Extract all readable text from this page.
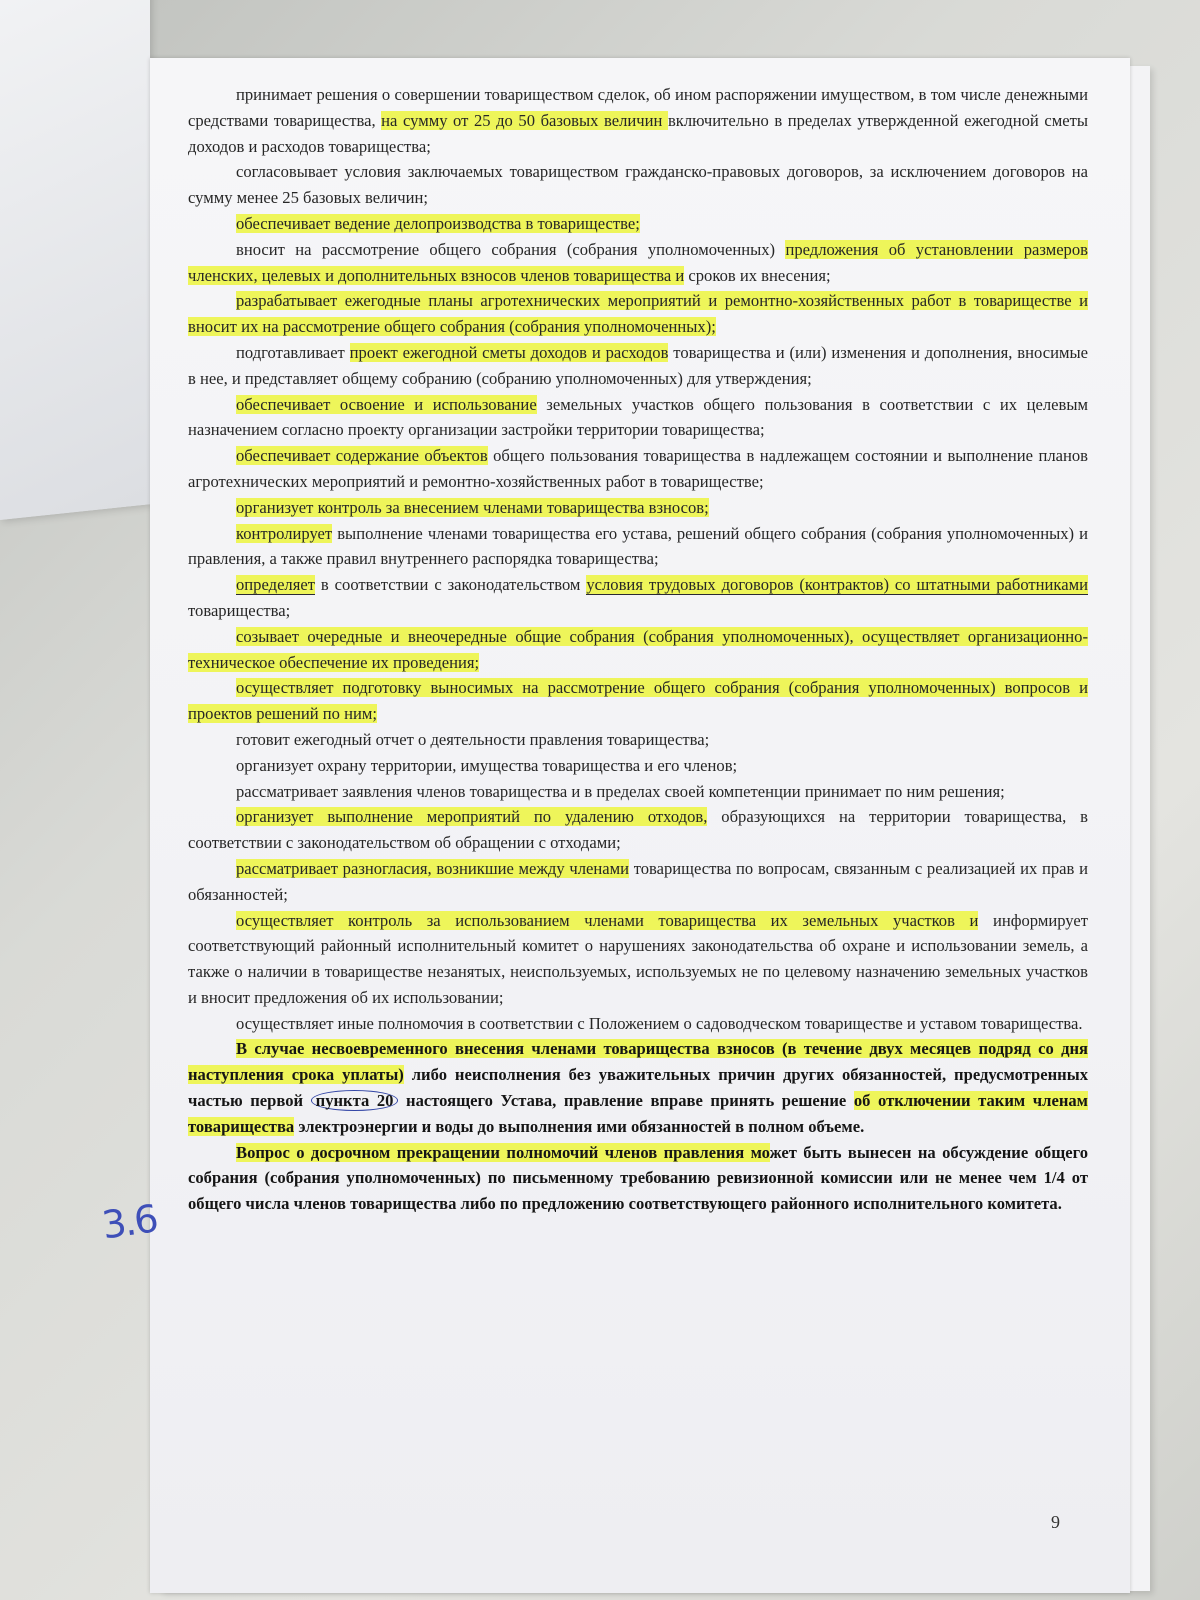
принимает решения о совершении товариществом сделок, об ином распоряжении имуществом, в том числе денежными средствами товарищества, на сумму от 25 до 50 базовых величин включительно в пределах утвержденной ежегодной сметы доходов и расходов товарищества;

согласовывает условия заключаемых товариществом гражданско-правовых договоров, за исключением договоров на сумму менее 25 базовых величин;

обеспечивает ведение делопроизводства в товариществе;

вносит на рассмотрение общего собрания (собрания уполномоченных) предложения об установлении размеров членских, целевых и дополнительных взносов членов товарищества и сроков их внесения;

разрабатывает ежегодные планы агротехнических мероприятий и ремонтно-хозяйственных работ в товариществе и вносит их на рассмотрение общего собрания (собрания уполномоченных);

подготавливает проект ежегодной сметы доходов и расходов товарищества и (или) изменения и дополнения, вносимые в нее, и представляет общему собранию (собранию уполномоченных) для утверждения;

обеспечивает освоение и использование земельных участков общего пользования в соответствии с их целевым назначением согласно проекту организации застройки территории товарищества;

обеспечивает содержание объектов общего пользования товарищества в надлежащем состоянии и выполнение планов агротехнических мероприятий и ремонтно-хозяйственных работ в товариществе;

организует контроль за внесением членами товарищества взносов;

контролирует выполнение членами товарищества его устава, решений общего собрания (собрания уполномоченных) и правления, а также правил внутреннего распорядка товарищества;

определяет в соответствии с законодательством условия трудовых договоров (контрактов) со штатными работниками товарищества;

созывает очередные и внеочередные общие собрания (собрания уполномоченных), осуществляет организационно-техническое обеспечение их проведения;

осуществляет подготовку выносимых на рассмотрение общего собрания (собрания уполномоченных) вопросов и проектов решений по ним;

готовит ежегодный отчет о деятельности правления товарищества;

организует охрану территории, имущества товарищества и его членов;

рассматривает заявления членов товарищества и в пределах своей компетенции принимает по ним решения;

организует выполнение мероприятий по удалению отходов, образующихся на территории товарищества, в соответствии с законодательством об обращении с отходами;

рассматривает разногласия, возникшие между членами товарищества по вопросам, связанным с реализацией их прав и обязанностей;

осуществляет контроль за использованием членами товарищества их земельных участков и информирует соответствующий районный исполнительный комитет о нарушениях законодательства об охране и использовании земель, а также о наличии в товариществе незанятых, неиспользуемых, используемых не по целевому назначению земельных участков и вносит предложения об их использовании;

осуществляет иные полномочия в соответствии с Положением о садоводческом товариществе и уставом товарищества.

В случае несвоевременного внесения членами товарищества взносов (в течение двух месяцев подряд со дня наступления срока уплаты) либо неисполнения без уважительных причин других обязанностей, предусмотренных частью первой пункта 20 настоящего Устава, правление вправе принять решение об отключении таким членам товарищества электроэнергии и воды до выполнения ими обязанностей в полном объеме.

Вопрос о досрочном прекращении полномочий членов правления может быть вынесен на обсуждение общего собрания (собрания уполномоченных) по письменному требованию ревизионной комиссии или не менее чем 1/4 от общего числа членов товарищества либо по предложению соответствующего районного исполнительного комитета.

9
3.6
